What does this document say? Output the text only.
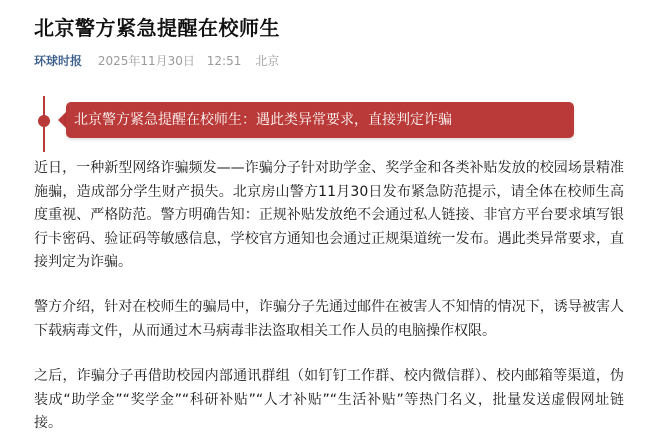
北京警方紧急提醒在校师生
环球时报 2025年11月30日 12:51 北京
北京警方紧急提醒在校师生：遇此类异常要求，直接判定诈骗

近日，一种新型网络诈骗频发——诈骗分子针对助学金、奖学金和各类补贴发放的校园场景精准施骗，造成部分学生财产损失。北京房山警方11月30日发布紧急防范提示，请全体在校师生高度重视、严格防范。警方明确告知：正规补贴发放绝不会通过私人链接、非官方平台要求填写银行卡密码、验证码等敏感信息，学校官方通知也会通过正规渠道统一发布。遇此类异常要求，直接判定为诈骗。

警方介绍，针对在校师生的骗局中，诈骗分子先通过邮件在被害人不知情的情况下，诱导被害人下载病毒文件，从而通过木马病毒非法盗取相关工作人员的电脑操作权限。

之后，诈骗分子再借助校园内部通讯群组（如钉钉工作群、校内微信群）、校内邮箱等渠道，伪装成“助学金”“奖学金”“科研补贴”“人才补贴”“生活补贴”等热门名义，批量发送虚假网址链接。
